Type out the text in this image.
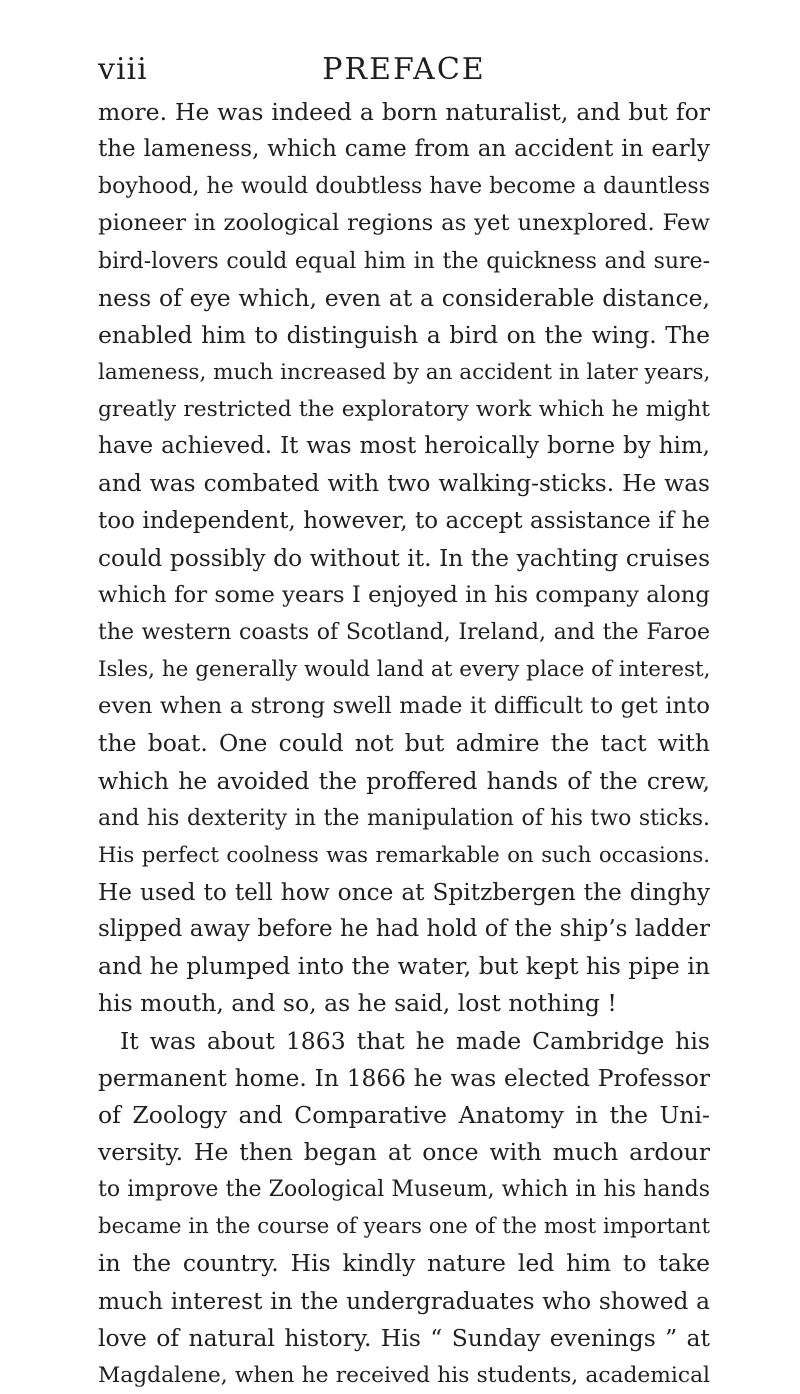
viii	PREFACE
more. He was indeed a born naturalist, and but for
the lameness, which came from an accident in early
boyhood, he would doubtless have become a dauntless
pioneer in zoological regions as yet unexplored. Few
bird-lovers could equal him in the quickness and sure-
ness of eye which, even at a considerable distance,
enabled him to distinguish a bird on the wing. The
lameness, much increased by an accident in later years,
greatly restricted the exploratory work which he might
have achieved. It was most heroically borne by him,
and was combated with two walking-sticks. He was
too independent, however, to accept assistance if he
could possibly do without it. In the yachting cruises
which for some years I enjoyed in his company along
the western coasts of Scotland, Ireland, and the Faroe
Isles, he generally would land at every place of interest,
even when a strong swell made it difficult to get into
the boat. One could not but admire the tact with
which he avoided the proffered hands of the crew,
and his dexterity in the manipulation of his two sticks.
His perfect coolness was remarkable on such occasions.
He used to tell how once at Spitzbergen the dinghy
slipped away before he had hold of the ship’s ladder
and he plumped into the water, but kept his pipe in
his mouth, and so, as he said, lost nothing !
It was about 1863 that he made Cambridge his
permanent home. In 1866 he was elected Professor
of Zoology and Comparative Anatomy in the Uni-
versity. He then began at once with much ardour
to improve the Zoological Museum, which in his hands
became in the course of years one of the most important
in the country. His kindly nature led him to take
much interest in the undergraduates who showed a
love of natural history. His “ Sunday evenings ” at
Magdalene, when he received his students, academical
